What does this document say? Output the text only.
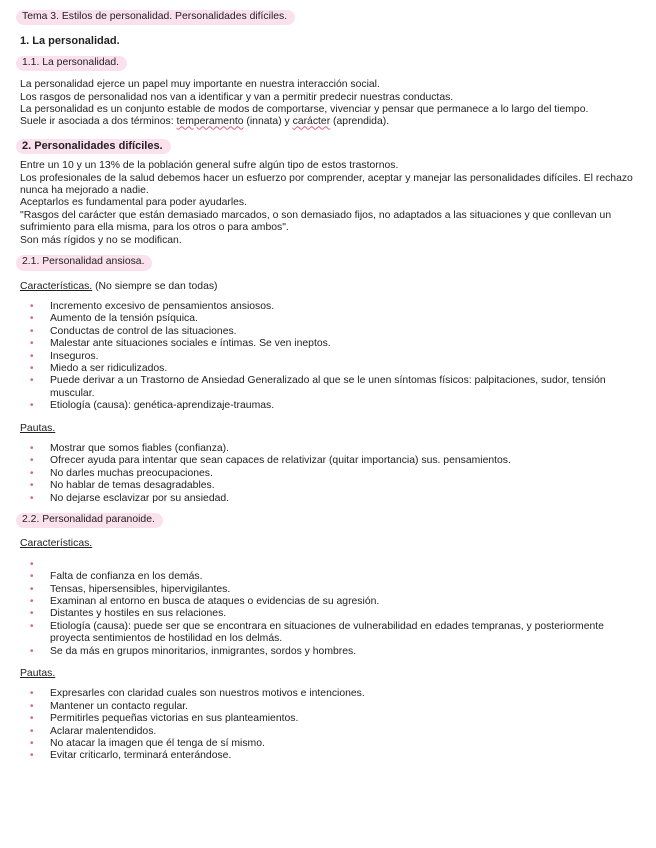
Tema 3. Estilos de personalidad. Personalidades difíciles.
1. La personalidad.
1.1. La personalidad.

La personalidad ejerce un papel muy importante en nuestra interacción social.

Los rasgos de personalidad nos van a identificar y van a permitir predecir nuestras conductas.

La personalidad es un conjunto estable de modos de comportarse, vivenciar y pensar que permanece a lo largo del tiempo.

Suele ir asociada a dos términos: temperamento (innata) y carácter (aprendida).

2. Personalidades difíciles.

Entre un 10 y un 13% de la población general sufre algún tipo de estos trastornos.

Los profesionales de la salud debemos hacer un esfuerzo por comprender, aceptar y manejar las personalidades difíciles. El rechazo nunca ha mejorado a nadie.

Aceptarlos es fundamental para poder ayudarles.

"Rasgos del carácter que están demasiado marcados, o son demasiado fijos, no adaptados a las situaciones y que conllevan un sufrimiento para ella misma, para los otros o para ambos".

Son más rígidos y no se modifican.

2.1. Personalidad ansiosa.
Características. (No siempre se dan todas)
• Incremento excesivo de pensamientos ansiosos.
• Aumento de la tensión psíquica.
• Conductas de control de las situaciones.
• Malestar ante situaciones sociales e íntimas. Se ven ineptos.
• Inseguros.
• Miedo a ser ridiculizados.
• Puede derivar a un Trastorno de Ansiedad Generalizado al que se le unen síntomas físicos: palpitaciones, sudor, tensión muscular.
• Etiología (causa): genética-aprendizaje-traumas.
Pautas.
• Mostrar que somos fiables (confianza).
• Ofrecer ayuda para intentar que sean capaces de relativizar (quitar importancia) sus. pensamientos.
• No darles muchas preocupaciones.
• No hablar de temas desagradables.
• No dejarse esclavizar por su ansiedad.
2.2. Personalidad paranoide.
Características.
•
• Falta de confianza en los demás.
• Tensas, hipersensibles, hipervigilantes.
• Examinan al entorno en busca de ataques o evidencias de su agresión.
• Distantes y hostiles en sus relaciones.
• Etiología (causa): puede ser que se encontrara en situaciones de vulnerabilidad en edades tempranas, y posteriormente proyecta sentimientos de hostilidad en los delmás.
• Se da más en grupos minoritarios, inmigrantes, sordos y hombres.
Pautas.
• Expresarles con claridad cuales son nuestros motivos e intenciones.
• Mantener un contacto regular.
• Permitirles pequeñas victorias en sus planteamientos.
• Aclarar malentendidos.
• No atacar la imagen que él tenga de sí mismo.
• Evitar criticarlo, terminará enterándose.
